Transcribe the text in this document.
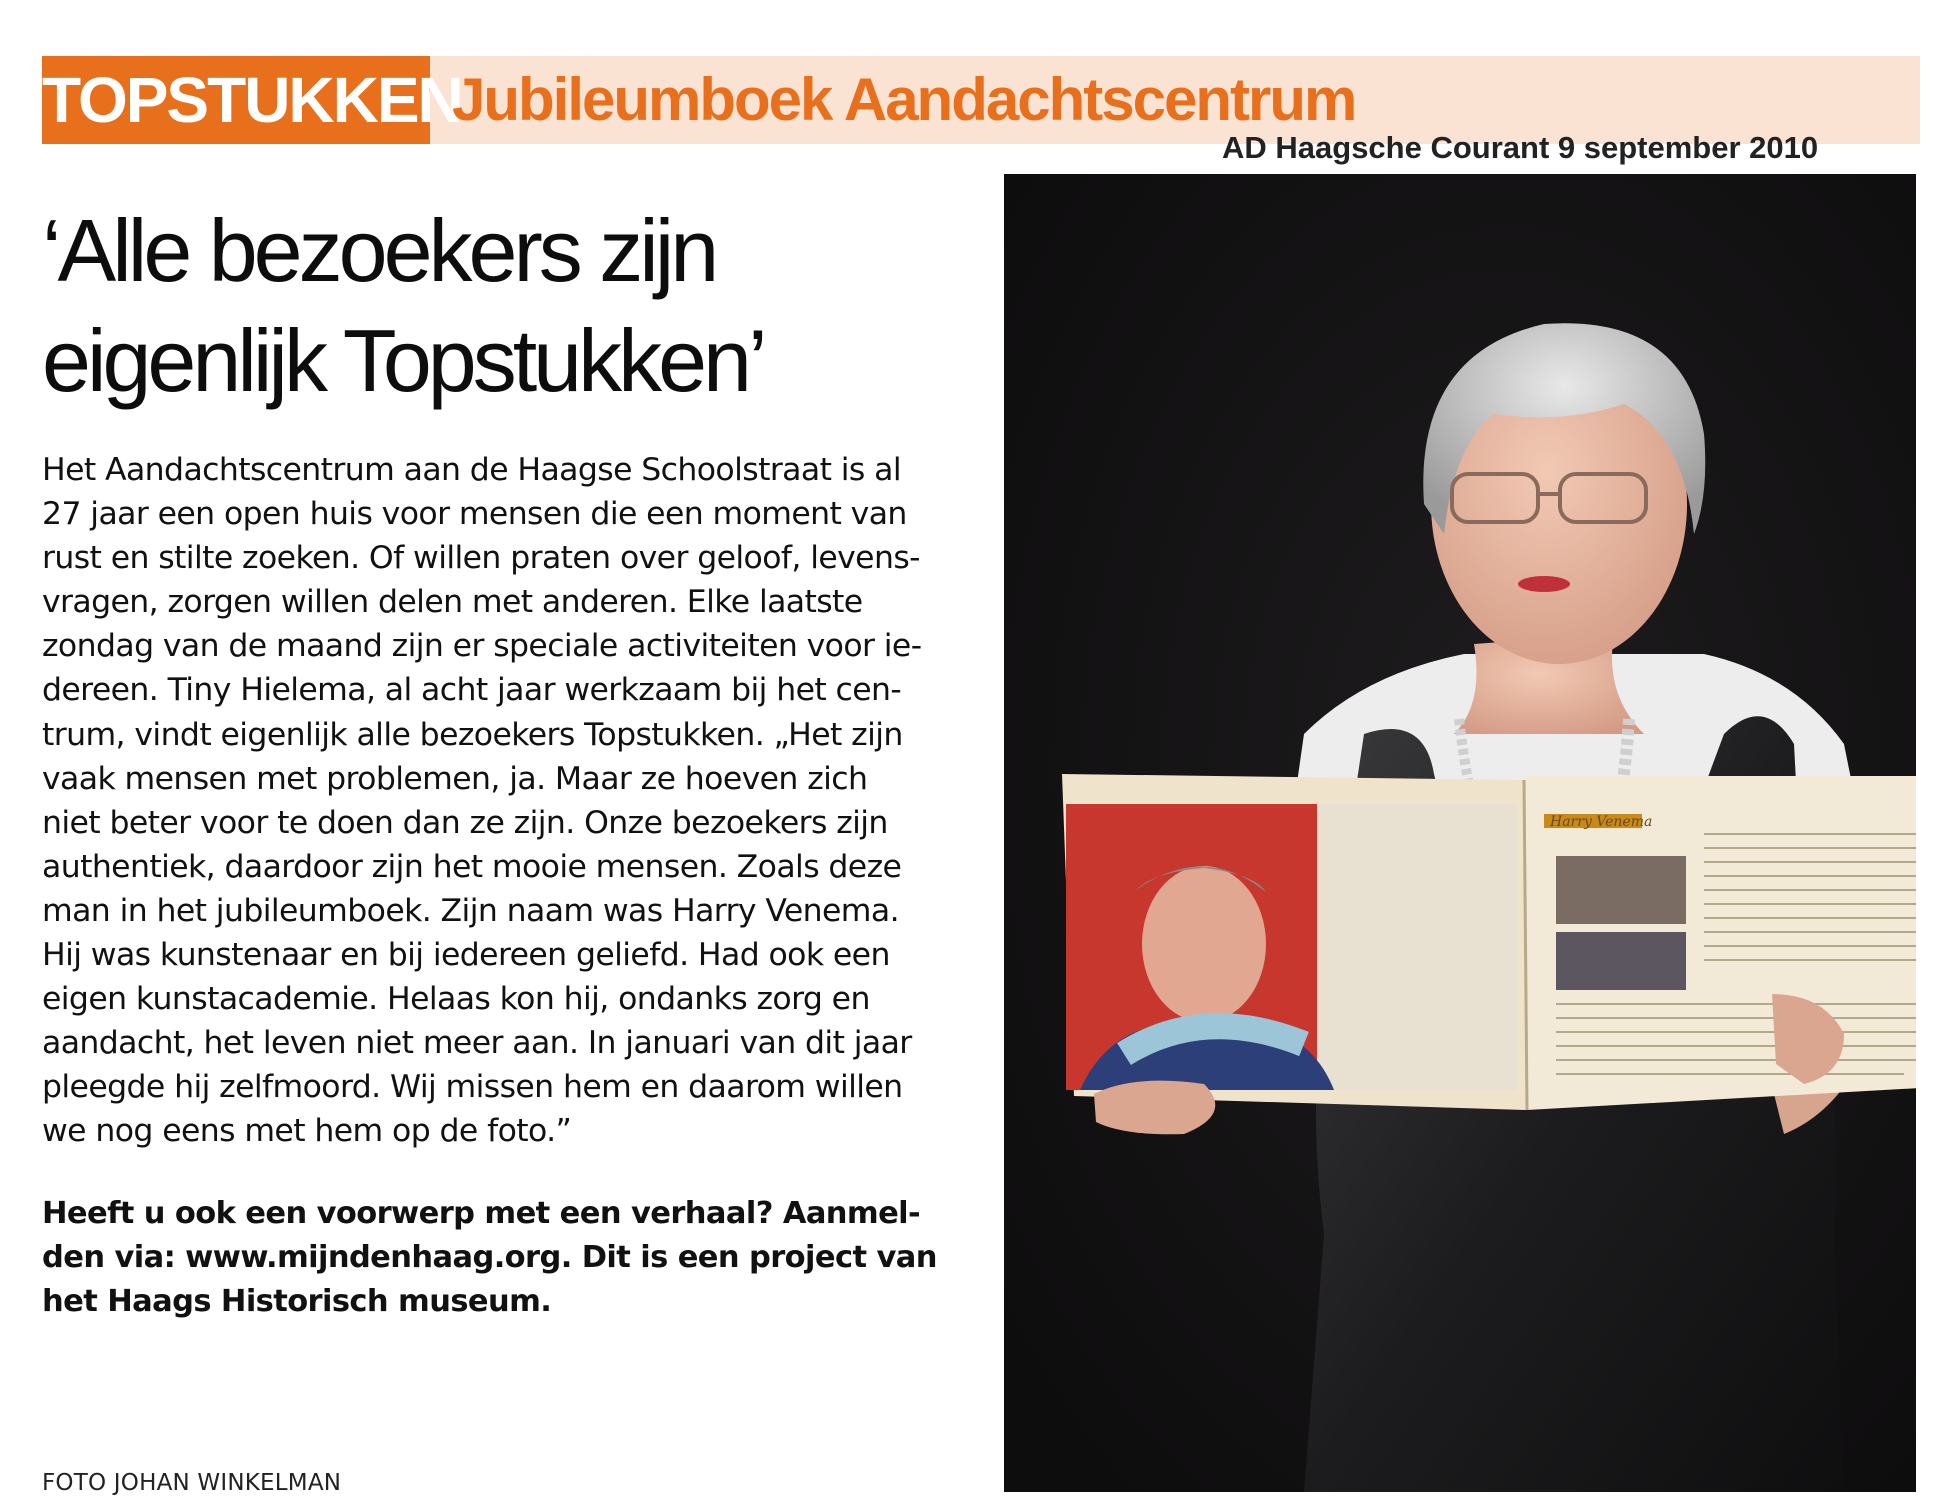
TOPSTUKKEN
Jubileumboek Aandachtscentrum
AD Haagsche Courant 9 september 2010
‘Alle bezoekers zijn
eigenlijk Topstukken’
Het Aandachtscentrum aan de Haagse Schoolstraat is al
27 jaar een open huis voor mensen die een moment van
rust en stilte zoeken. Of willen praten over geloof, levens-
vragen, zorgen willen delen met anderen. Elke laatste
zondag van de maand zijn er speciale activiteiten voor ie-
dereen. Tiny Hielema, al acht jaar werkzaam bij het cen-
trum, vindt eigenlijk alle bezoekers Topstukken. „Het zijn
vaak mensen met problemen, ja. Maar ze hoeven zich
niet beter voor te doen dan ze zijn. Onze bezoekers zijn
authentiek, daardoor zijn het mooie mensen. Zoals deze
man in het jubileumboek. Zijn naam was Harry Venema.
Hij was kunstenaar en bij iedereen geliefd. Had ook een
eigen kunstacademie. Helaas kon hij, ondanks zorg en
aandacht, het leven niet meer aan. In januari van dit jaar
pleegde hij zelfmoord. Wij missen hem en daarom willen
we nog eens met hem op de foto.”
Heeft u ook een voorwerp met een verhaal? Aanmel-
den via: www.mijndenhaag.org. Dit is een project van
het Haags Historisch museum.
FOTO JOHAN WINKELMAN
Harry Venema
